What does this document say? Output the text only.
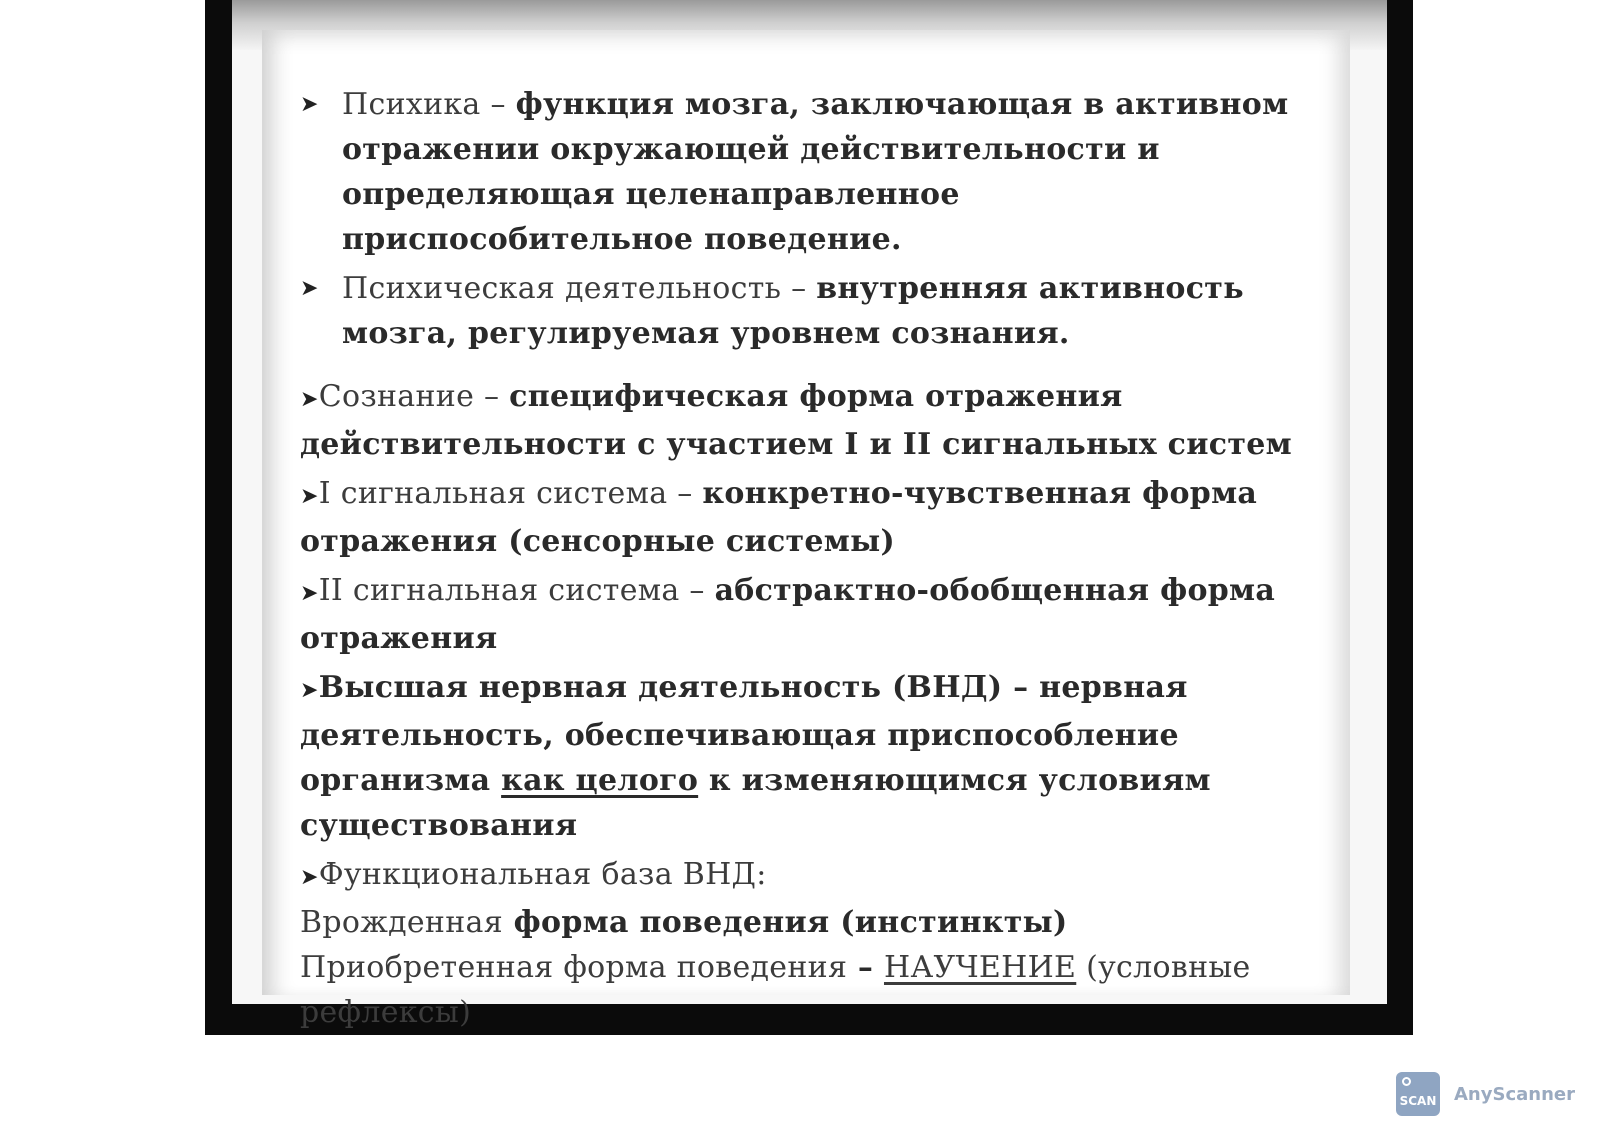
➤ Психика – функция мозга, заключающая в активном отражении окружающей действительности и определяющая целенаправленное приспособительное поведение.

➤ Психическая деятельность – внутренняя активность мозга, регулируемая уровнем сознания.

➤Сознание – специфическая форма отражения действительности с участием I и II сигнальных систем

➤I сигнальная система – конкретно-чувственная форма отражения (сенсорные системы)

➤II сигнальная система – абстрактно-обобщенная форма отражения

➤Высшая нервная деятельность (ВНД) – нервная деятельность, обеспечивающая приспособление организма как целого к изменяющимся условиям существования

➤Функциональная база ВНД:

Врожденная форма поведения (инстинкты)

Приобретенная форма поведения – НАУЧЕНИЕ (условные рефлексы)

SCAN AnyScanner
